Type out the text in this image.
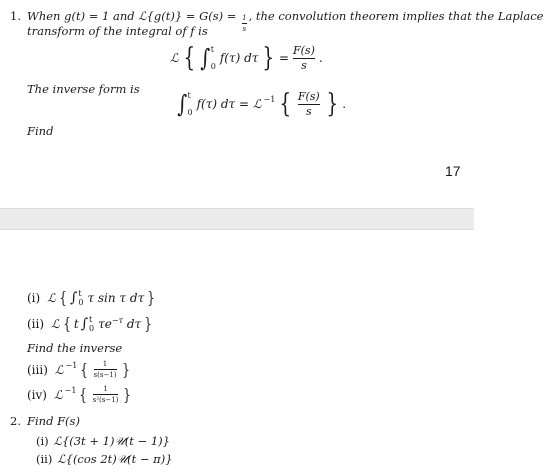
1. When g(t) = 1 and ℒ{g(t)} = $G(s) = \frac{1}{s}$ , the convolution theorem implies that the Laplace
transform of the integral of f is
ℒ { ∫ t
0
f(τ) dτ } = $\frac{F(s)}{s}$ .
The inverse form is
∫ t
0
f(τ) dτ = ℒ $^{-1}$ { $\frac{F(s)}{s}$ } .
Find
17
(i) ℒ { ∫ t
0 τ sin τ dτ }
(ii) ℒ { t ∫ t
0 $\tau e^{-\tau}$ dτ }
Find the inverse
(iii) ℒ $^{-1}$ { 1
s(s−1) }
(iv) ℒ $^{-1}$ { 1
s²(s−1) }
2. Find F(s)
(i) ℒ{(3t + 1)𝒰(t − 1)}
(ii) ℒ{(cos 2t)𝒰(t − π)}
